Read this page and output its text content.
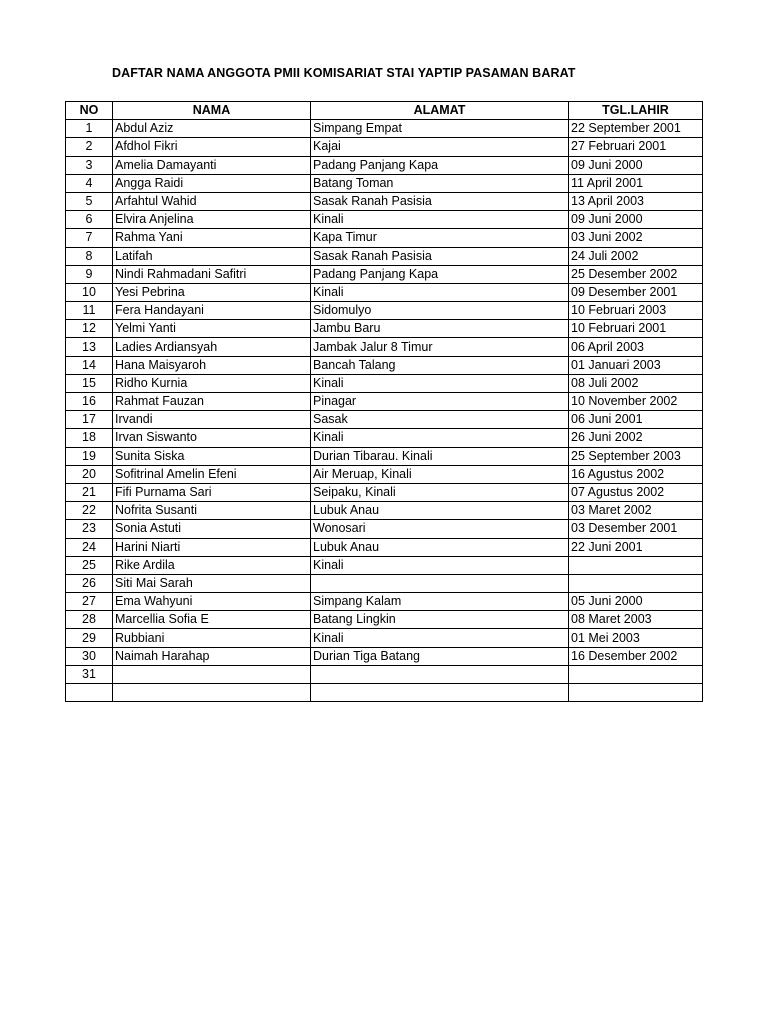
DAFTAR NAMA ANGGOTA PMII KOMISARIAT STAI YAPTIP PASAMAN BARAT
NO	NAMA	ALAMAT	TGL.LAHIR
1	Abdul Aziz	Simpang Empat	22 September 2001
2	Afdhol Fikri	Kajai	27 Februari 2001
3	Amelia Damayanti	Padang Panjang Kapa	09 Juni 2000
4	Angga Raidi	Batang Toman	11 April 2001
5	Arfahtul Wahid	Sasak Ranah Pasisia	13 April 2003
6	Elvira Anjelina	Kinali	09 Juni 2000
7	Rahma Yani	Kapa Timur	03 Juni 2002
8	Latifah	Sasak Ranah Pasisia	24 Juli 2002
9	Nindi Rahmadani Safitri	Padang Panjang Kapa	25 Desember 2002
10	Yesi Pebrina	Kinali	09 Desember 2001
11	Fera Handayani	Sidomulyo	10 Februari 2003
12	Yelmi Yanti	Jambu Baru	10 Februari 2001
13	Ladies Ardiansyah	Jambak Jalur 8 Timur	06 April 2003
14	Hana Maisyaroh	Bancah Talang	01 Januari 2003
15	Ridho Kurnia	Kinali	08 Juli 2002
16	Rahmat Fauzan	Pinagar	10 November 2002
17	Irvandi	Sasak	06 Juni 2001
18	Irvan Siswanto	Kinali	26 Juni 2002
19	Sunita Siska	Durian Tibarau. Kinali	25 September 2003
20	Sofitrinal Amelin Efeni	Air Meruap, Kinali	16 Agustus 2002
21	Fifi Purnama Sari	Seipaku, Kinali	07 Agustus 2002
22	Nofrita Susanti	Lubuk Anau	03 Maret 2002
23	Sonia Astuti	Wonosari	03 Desember 2001
24	Harini Niarti	Lubuk Anau	22 Juni 2001
25	Rike Ardila	Kinali	
26	Siti Mai Sarah		
27	Ema Wahyuni	Simpang Kalam	05 Juni 2000
28	Marcellia Sofia E	Batang Lingkin	08 Maret 2003
29	Rubbiani	Kinali	01 Mei 2003
30	Naimah Harahap	Durian Tiga Batang	16 Desember 2002
31			
